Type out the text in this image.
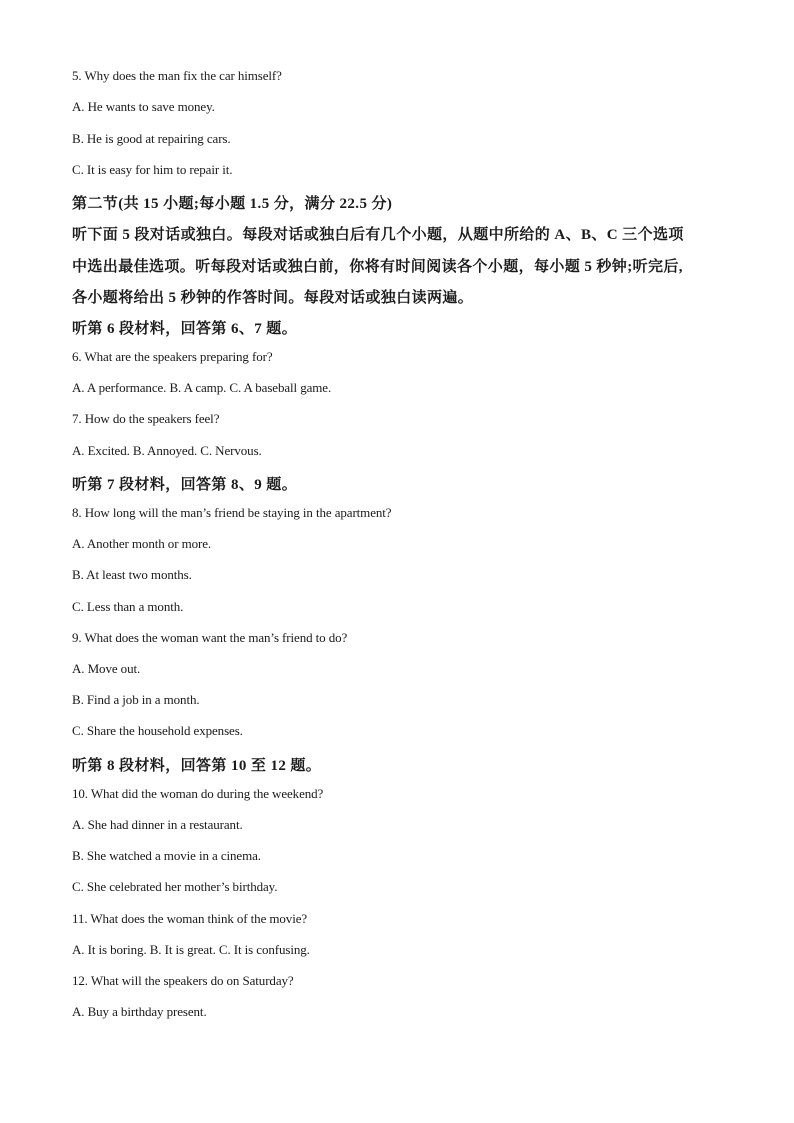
5. Why does the man fix the car himself?

A. He wants to save money.

B. He is good at repairing cars.

C. It is easy for him to repair it.

第二节(共 15 小题;每小题 1.5 分，满分 22.5 分)

听下面 5 段对话或独白。每段对话或独白后有几个小题，从题中所给的 A、B、C 三个选项

中选出最佳选项。听每段对话或独白前，你将有时间阅读各个小题，每小题 5 秒钟;听完后,

各小题将给出 5 秒钟的作答时间。每段对话或独白读两遍。

听第 6 段材料，回答第 6、7 题。

6. What are the speakers preparing for?

A. A performance. B. A camp. C. A baseball game.

7. How do the speakers feel?

A. Excited. B. Annoyed. C. Nervous.

听第 7 段材料，回答第 8、9 题。

8. How long will the man’s friend be staying in the apartment?

A. Another month or more.

B. At least two months.

C. Less than a month.

9. What does the woman want the man’s friend to do?

A. Move out.

B. Find a job in a month.

C. Share the household expenses.

听第 8 段材料，回答第 10 至 12 题。

10. What did the woman do during the weekend?

A. She had dinner in a restaurant.

B. She watched a movie in a cinema.

C. She celebrated her mother’s birthday.

11. What does the woman think of the movie?

A. It is boring. B. It is great. C. It is confusing.

12. What will the speakers do on Saturday?

A. Buy a birthday present.
